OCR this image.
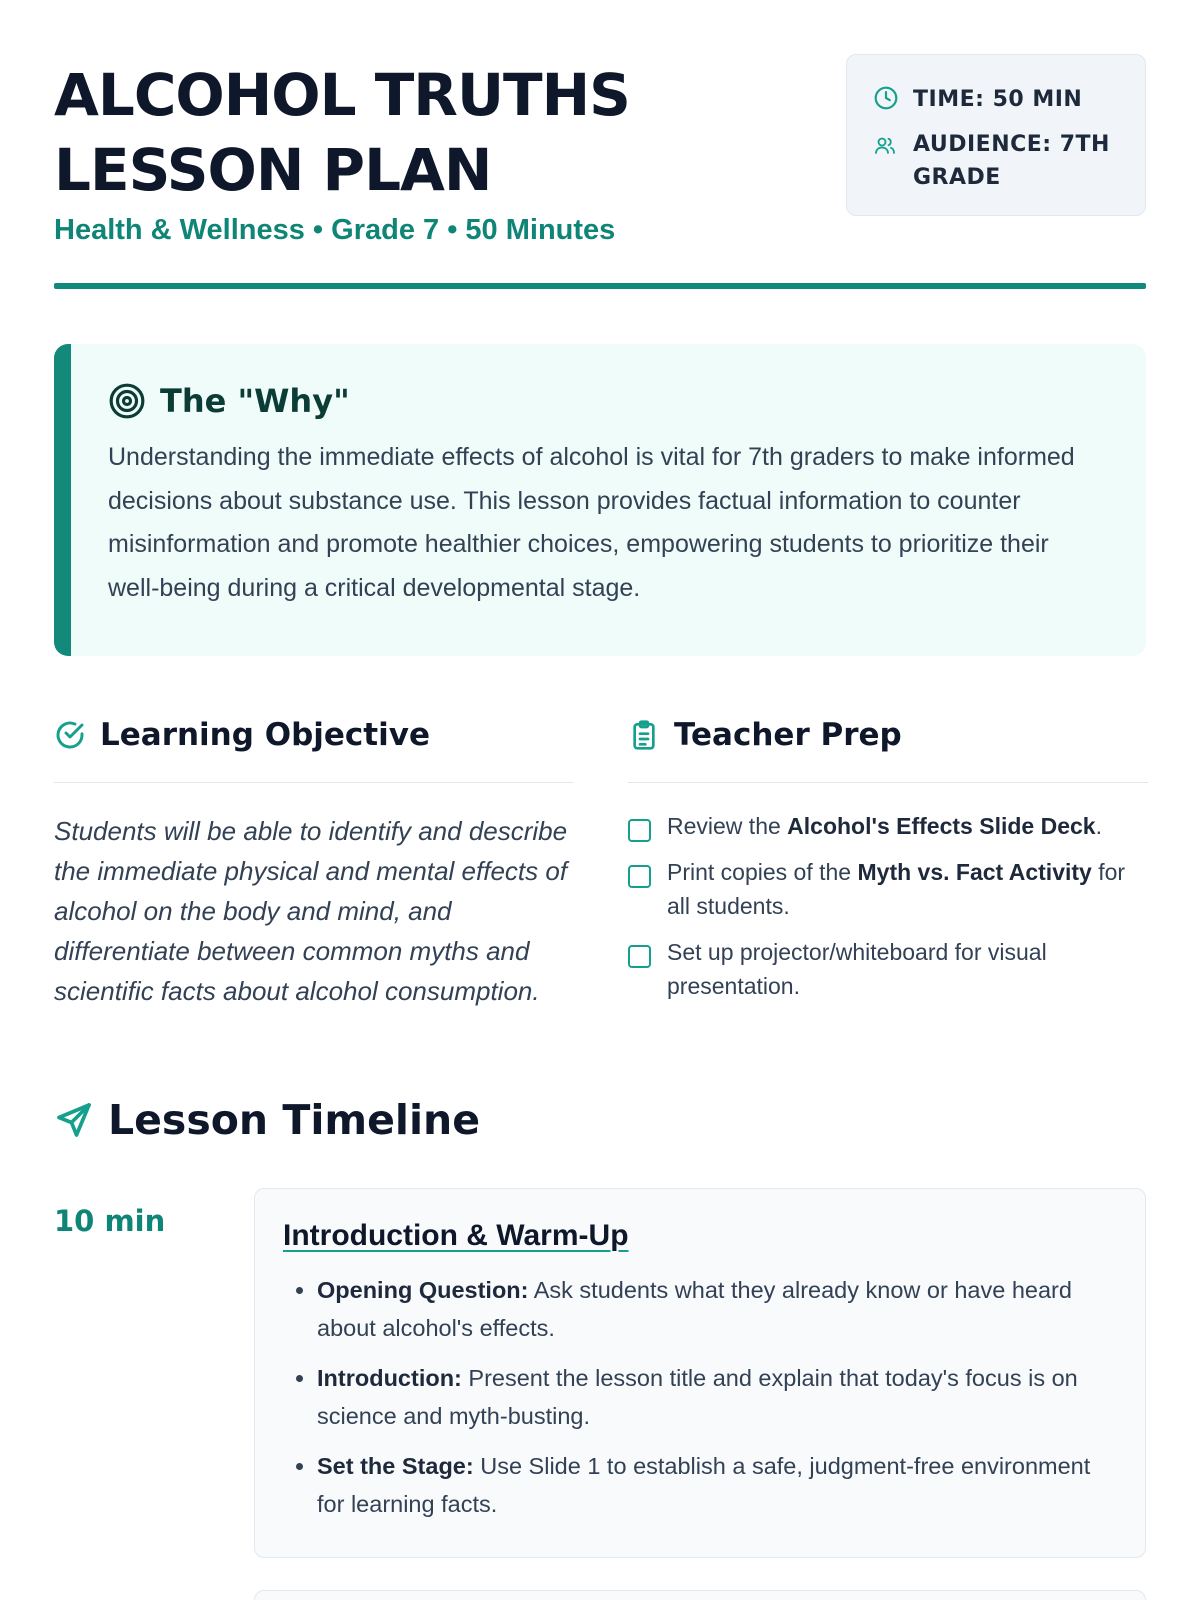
ALCOHOL TRUTHS LESSON PLAN
Health & Wellness • Grade 7 • 50 Minutes
TIME: 50 MIN
AUDIENCE: 7TH GRADE
The "Why"

Understanding the immediate effects of alcohol is vital for 7th graders to make informed decisions about substance use. This lesson provides factual information to counter misinformation and promote healthier choices, empowering students to prioritize their well-being during a critical developmental stage.

Learning Objective

Students will be able to identify and describe the immediate physical and mental effects of alcohol on the body and mind, and differentiate between common myths and scientific facts about alcohol consumption.

Teacher Prep
Review the Alcohol's Effects Slide Deck.
Print copies of the Myth vs. Fact Activity for all students.
Set up projector/whiteboard for visual presentation.
Lesson Timeline
10 min	Introduction & Warm-Up
• Opening Question: Ask students what they already know or have heard about alcohol's effects.
• Introduction: Present the lesson title and explain that today's focus is on science and myth-busting.
• Set the Stage: Use Slide 1 to establish a safe, judgment-free environment for learning facts.
